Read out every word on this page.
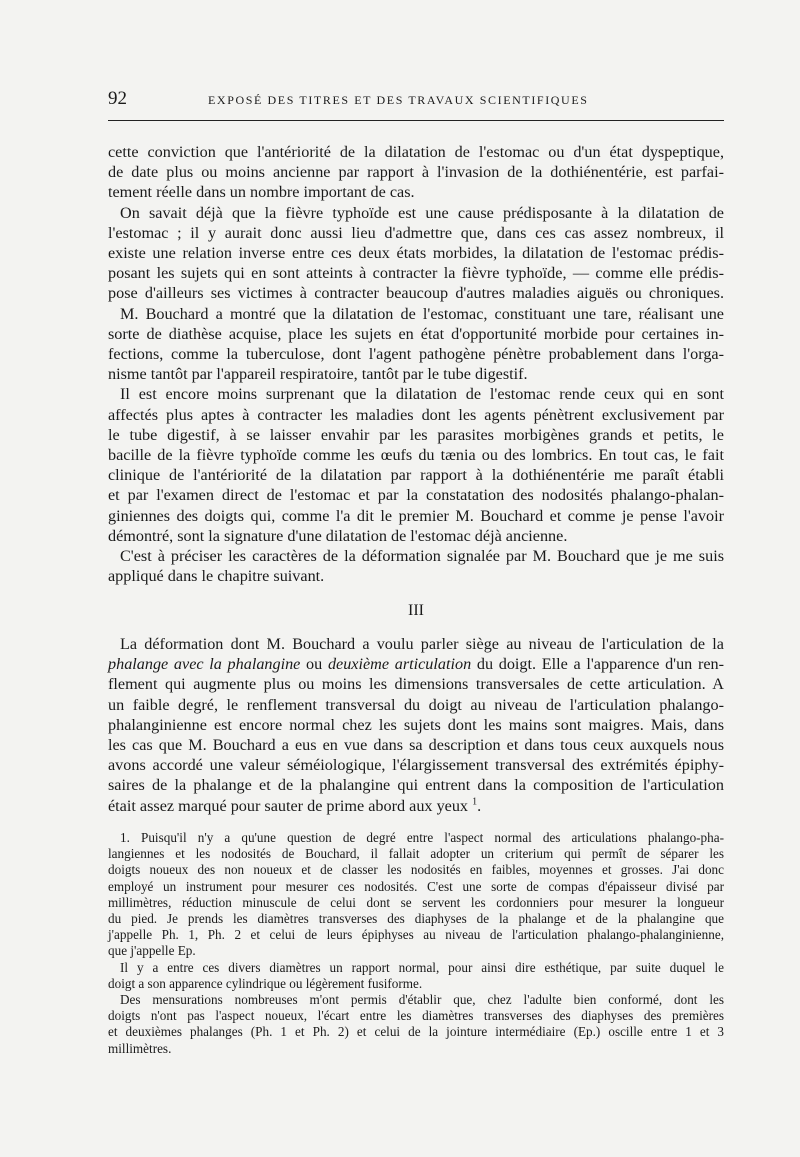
92	EXPOSÉ DES TITRES ET DES TRAVAUX SCIENTIFIQUES

cette conviction que l'antériorité de la dilatation de l'estomac ou d'un état dyspeptique,
de date plus ou moins ancienne par rapport à l'invasion de la dothiénentérie, est parfai-
tement réelle dans un nombre important de cas.

On savait déjà que la fièvre typhoïde est une cause prédisposante à la dilatation de
l'estomac ; il y aurait donc aussi lieu d'admettre que, dans ces cas assez nombreux, il
existe une relation inverse entre ces deux états morbides, la dilatation de l'estomac prédis-
posant les sujets qui en sont atteints à contracter la fièvre typhoïde, — comme elle prédis-
pose d'ailleurs ses victimes à contracter beaucoup d'autres maladies aiguës ou chroniques.

M. Bouchard a montré que la dilatation de l'estomac, constituant une tare, réalisant une
sorte de diathèse acquise, place les sujets en état d'opportunité morbide pour certaines in-
fections, comme la tuberculose, dont l'agent pathogène pénètre probablement dans l'orga-
nisme tantôt par l'appareil respiratoire, tantôt par le tube digestif.

Il est encore moins surprenant que la dilatation de l'estomac rende ceux qui en sont
affectés plus aptes à contracter les maladies dont les agents pénètrent exclusivement par
le tube digestif, à se laisser envahir par les parasites morbigènes grands et petits, le
bacille de la fièvre typhoïde comme les œufs du tænia ou des lombrics. En tout cas, le fait
clinique de l'antériorité de la dilatation par rapport à la dothiénentérie me paraît établi
et par l'examen direct de l'estomac et par la constatation des nodosités phalango-phalan-
giniennes des doigts qui, comme l'a dit le premier M. Bouchard et comme je pense l'avoir
démontré, sont la signature d'une dilatation de l'estomac déjà ancienne.

C'est à préciser les caractères de la déformation signalée par M. Bouchard que je me suis
appliqué dans le chapitre suivant.

III

La déformation dont M. Bouchard a voulu parler siège au niveau de l'articulation de la
phalange avec la phalangine ou deuxième articulation du doigt. Elle a l'apparence d'un ren-
flement qui augmente plus ou moins les dimensions transversales de cette articulation. A
un faible degré, le renflement transversal du doigt au niveau de l'articulation phalango-
phalanginienne est encore normal chez les sujets dont les mains sont maigres. Mais, dans
les cas que M. Bouchard a eus en vue dans sa description et dans tous ceux auxquels nous
avons accordé une valeur séméiologique, l'élargissement transversal des extrémités épiphy-
saires de la phalange et de la phalangine qui entrent dans la composition de l'articulation
était assez marqué pour sauter de prime abord aux yeux $^1$.

1. Puisqu'il n'y a qu'une question de degré entre l'aspect normal des articulations phalango-pha-
langiennes et les nodosités de Bouchard, il fallait adopter un criterium qui permît de séparer les
doigts noueux des non noueux et de classer les nodosités en faibles, moyennes et grosses. J'ai donc
employé un instrument pour mesurer ces nodosités. C'est une sorte de compas d'épaisseur divisé par
millimètres, réduction minuscule de celui dont se servent les cordonniers pour mesurer la longueur
du pied. Je prends les diamètres transverses des diaphyses de la phalange et de la phalangine que
j'appelle Ph. 1, Ph. 2 et celui de leurs épiphyses au niveau de l'articulation phalango-phalanginienne,
que j'appelle Ep.

Il y a entre ces divers diamètres un rapport normal, pour ainsi dire esthétique, par suite duquel le
doigt a son apparence cylindrique ou légèrement fusiforme.

Des mensurations nombreuses m'ont permis d'établir que, chez l'adulte bien conformé, dont les
doigts n'ont pas l'aspect noueux, l'écart entre les diamètres transverses des diaphyses des premières
et deuxièmes phalanges (Ph. 1 et Ph. 2) et celui de la jointure intermédiaire (Ep.) oscille entre 1 et 3
millimètres.
